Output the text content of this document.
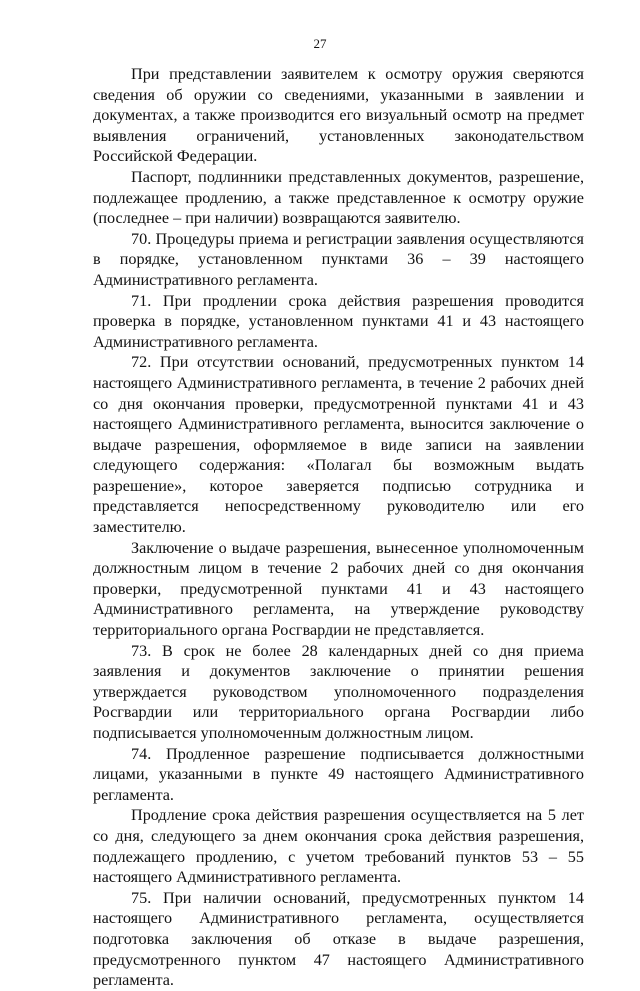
27

При представлении заявителем к осмотру оружия сверяются сведения об оружии со сведениями, указанными в заявлении и документах, а также производится его визуальный осмотр на предмет выявления ограничений, установленных законодательством Российской Федерации.

Паспорт, подлинники представленных документов, разрешение, подлежащее продлению, а также представленное к осмотру оружие (последнее – при наличии) возвращаются заявителю.

70. Процедуры приема и регистрации заявления осуществляются в порядке, установленном пунктами 36 – 39 настоящего Административного регламента.

71. При продлении срока действия разрешения проводится проверка в порядке, установленном пунктами 41 и 43 настоящего Административного регламента.

72. При отсутствии оснований, предусмотренных пунктом 14 настоящего Административного регламента, в течение 2 рабочих дней со дня окончания проверки, предусмотренной пунктами 41 и 43 настоящего Административного регламента, выносится заключение о выдаче разрешения, оформляемое в виде записи на заявлении следующего содержания: «Полагал бы возможным выдать разрешение», которое заверяется подписью сотрудника и представляется непосредственному руководителю или его заместителю.

Заключение о выдаче разрешения, вынесенное уполномоченным должностным лицом в течение 2 рабочих дней со дня окончания проверки, предусмотренной пунктами 41 и 43 настоящего Административного регламента, на утверждение руководству территориального органа Росгвардии не представляется.

73. В срок не более 28 календарных дней со дня приема заявления и документов заключение о принятии решения утверждается руководством уполномоченного подразделения Росгвардии или территориального органа Росгвардии либо подписывается уполномоченным должностным лицом.

74. Продленное разрешение подписывается должностными лицами, указанными в пункте 49 настоящего Административного регламента.

Продление срока действия разрешения осуществляется на 5 лет со дня, следующего за днем окончания срока действия разрешения, подлежащего продлению, с учетом требований пунктов 53 – 55 настоящего Административного регламента.

75. При наличии оснований, предусмотренных пунктом 14 настоящего Административного регламента, осуществляется подготовка заключения об отказе в выдаче разрешения, предусмотренного пунктом 47 настоящего Административного регламента.
